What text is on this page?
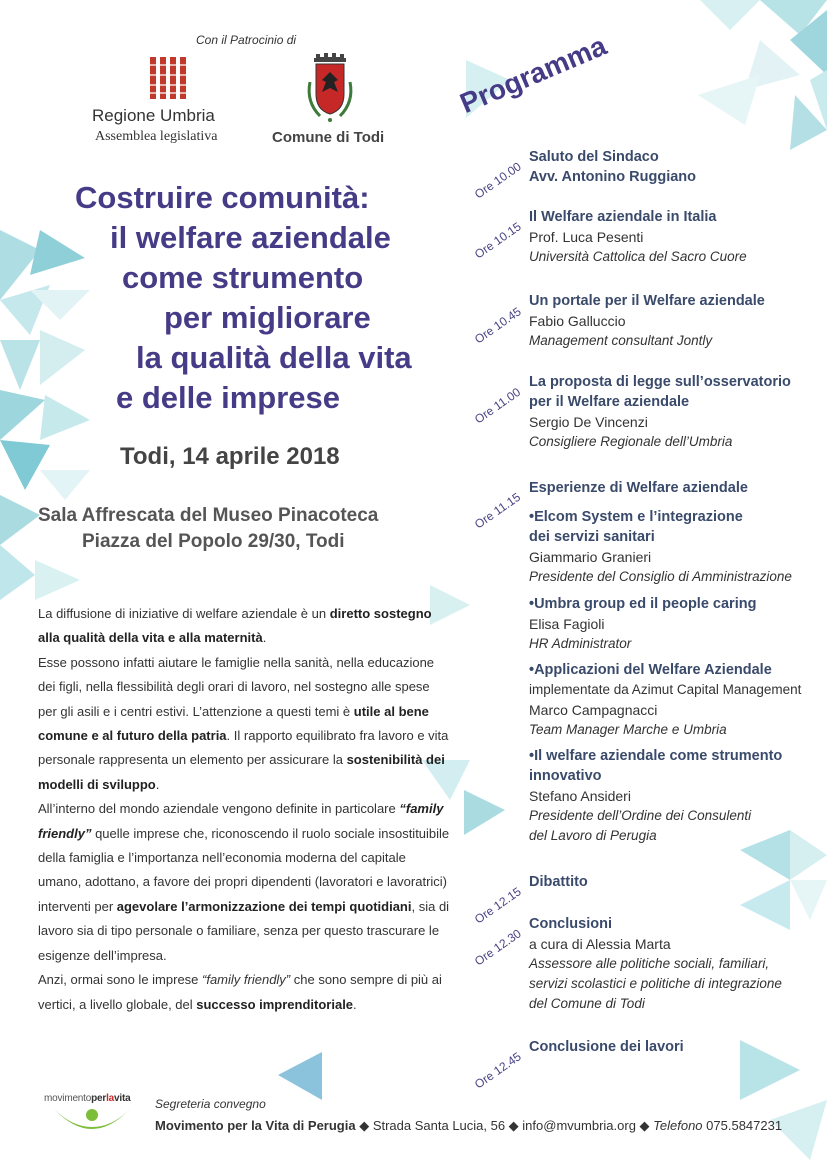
Con il Patrocinio di
Regione Umbria
Assemblea legislativa	Comune di Todi
Costruire comunità:
il welfare aziendale
come strumento
per migliorare
la qualità della vita
e delle imprese
Todi, 14 aprile 2018
Sala Affrescata del Museo Pinacoteca
Piazza del Popolo 29/30, Todi
La diffusione di iniziative di welfare aziendale è un diretto sostegno alla qualità della vita e alla maternità.
Esse possono infatti aiutare le famiglie nella sanità, nella educazione dei figli, nella flessibilità degli orari di lavoro, nel sostegno alle spese per gli asili e i centri estivi. L’attenzione a questi temi è utile al bene comune e al futuro della patria. Il rapporto equilibrato fra lavoro e vita personale rappresenta un elemento per assicurare la sostenibilità dei modelli di sviluppo.
All’interno del mondo aziendale vengono definite in particolare “family friendly” quelle imprese che, riconoscendo il ruolo sociale insostituibile della famiglia e l’importanza nell’economia moderna del capitale umano, adottano, a favore dei propri dipendenti (lavoratori e lavoratrici) interventi per agevolare l’armonizzazione dei tempi quotidiani, sia di lavoro sia di tipo personale o familiare, senza per questo trascurare le esigenze dell’impresa.
Anzi, ormai sono le imprese “family friendly” che sono sempre di più ai vertici, a livello globale, del successo imprenditoriale.
Programma
Ore 10.00
Ore 10.15
Ore 10.45
Ore 11.00
Ore 11.15
Ore 12.15
Ore 12.30
Ore 12.45
Saluto del Sindaco
Avv. Antonino Ruggiano
Il Welfare aziendale in Italia
Prof. Luca Pesenti
Università Cattolica del Sacro Cuore
Un portale per il Welfare aziendale
Fabio Galluccio
Management consultant Jontly
La proposta di legge sull’osservatorio
per il Welfare aziendale
Sergio De Vincenzi
Consigliere Regionale dell’Umbria
Esperienze di Welfare aziendale
•Elcom System e l’integrazione
dei servizi sanitari
Giammario Granieri
Presidente del Consiglio di Amministrazione
•Umbra group ed il people caring
Elisa Fagioli
HR Administrator
•Applicazioni del Welfare Aziendale
implementate da Azimut Capital Management
Marco Campagnacci
Team Manager Marche e Umbria
•Il welfare aziendale come strumento
innovativo
Stefano Ansideri
Presidente dell’Ordine dei Consulenti
del Lavoro di Perugia
Dibattito
Conclusioni
a cura di Alessia Marta
Assessore alle politiche sociali, familiari,
servizi scolastici e politiche di integrazione
del Comune di Todi
Conclusione dei lavori
movimentoperlavita Segreteria convegno
Movimento per la Vita di Perugia ◆ Strada Santa Lucia, 56 ◆ info@mvumbria.org ◆ Telefono 075.5847231
